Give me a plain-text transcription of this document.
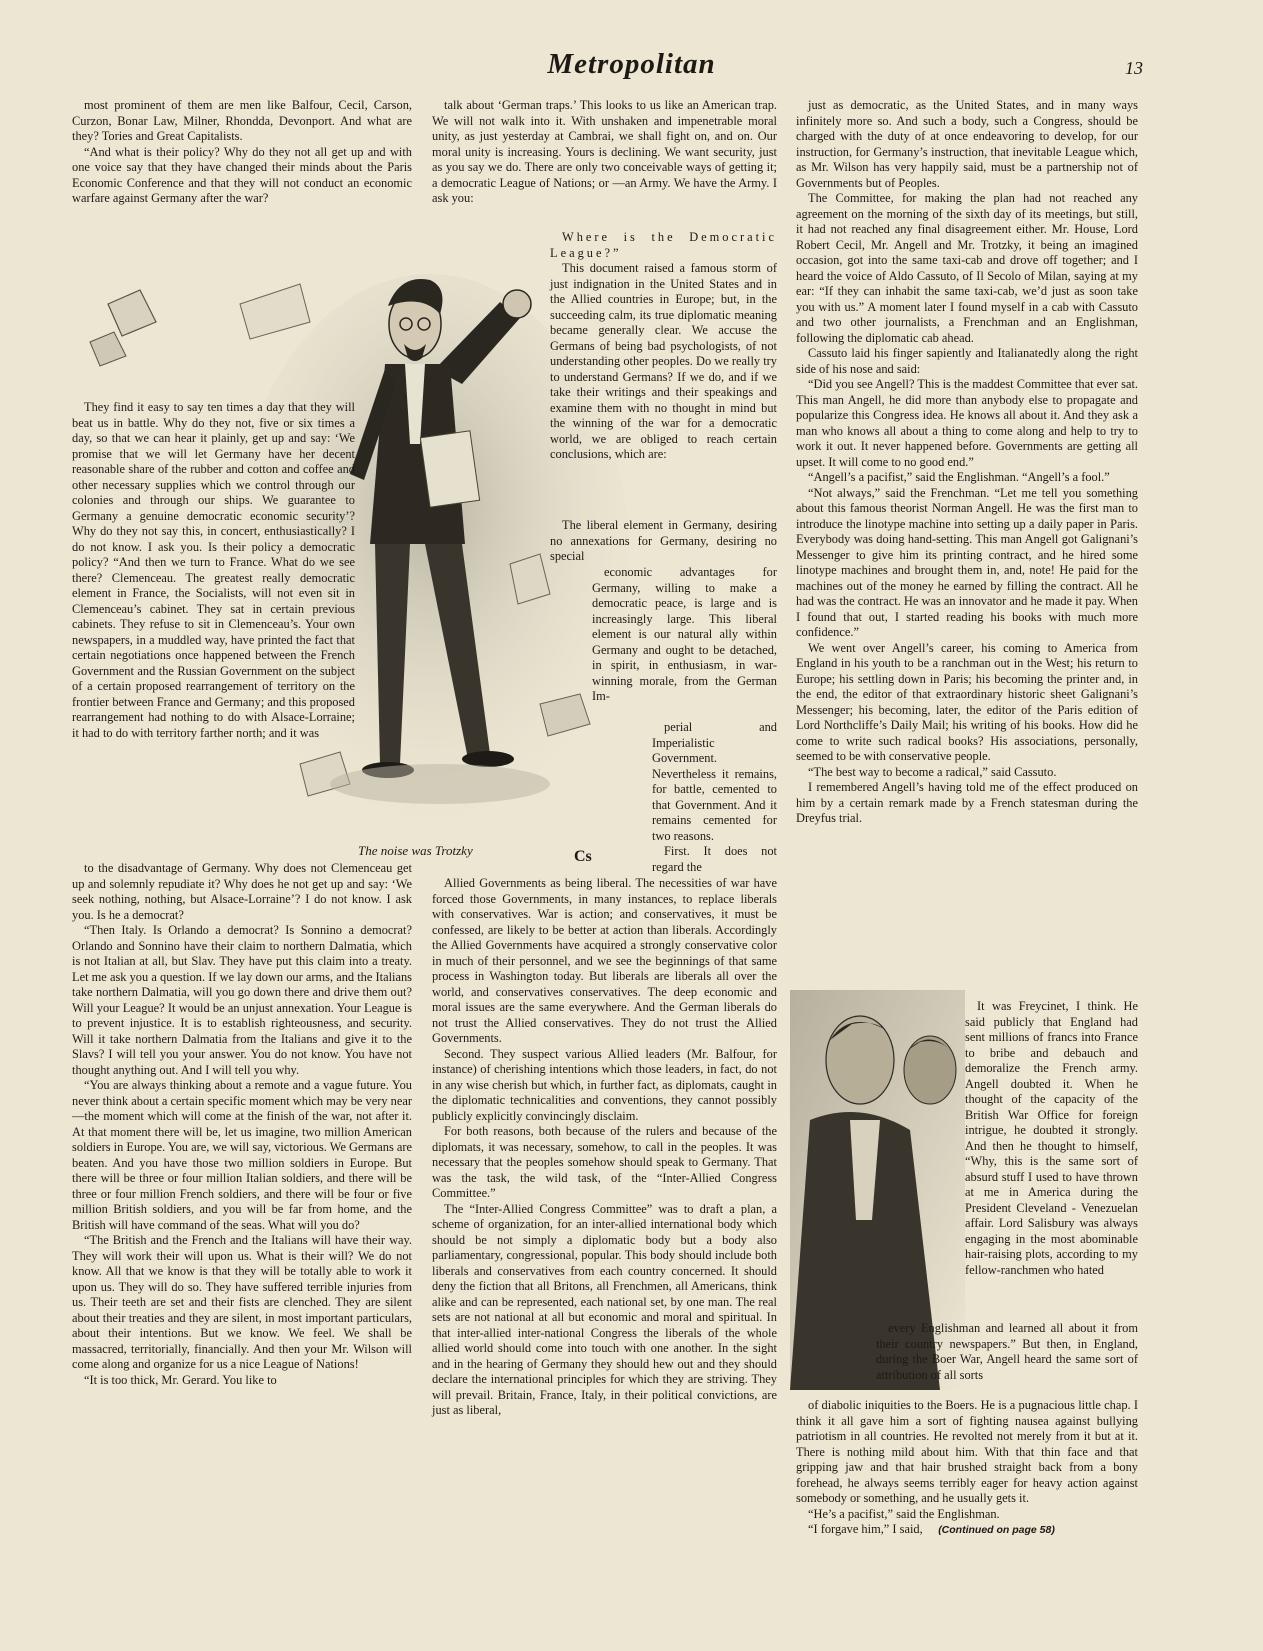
Metropolitan	13

most prominent of them are men like Balfour, Cecil, Carson, Curzon, Bonar Law, Milner, Rhondda, Devonport. And what are they? Tories and Great Capitalists.

“And what is their policy? Why do they not all get up and with one voice say that they have changed their minds about the Paris Economic Conference and that they will not conduct an economic warfare against Germany after the war?

They find it easy to say ten times a day that they will beat us in battle. Why do they not, five or six times a day, so that we can hear it plainly, get up and say: ‘We promise that we will let Germany have her decent reasonable share of the rubber and cotton and coffee and other necessary supplies which we control through our colonies and through our ships. We guarantee to Germany a genuine democratic economic security’? Why do they not say this, in concert, enthusiastically? I do not know. I ask you. Is their policy a democratic policy? “And then we turn to France. What do we see there? Clemenceau. The greatest really democratic element in France, the Socialists, will not even sit in Clemenceau’s cabinet. They sat in certain previous cabinets. They refuse to sit in Clemenceau’s. Your own newspapers, in a muddled way, have printed the fact that certain negotiations once happened between the French Government and the Russian Government on the subject of a certain proposed rearrangement of territory on the frontier between France and Germany; and this proposed rearrangement had nothing to do with Alsace-Lorraine; it had to do with territory farther north; and it was

The noise was Trotzky	Cs

to the disadvantage of Germany. Why does not Clemenceau get up and solemnly repudiate it? Why does he not get up and say: ‘We seek nothing, nothing, but Alsace-Lorraine’? I do not know. I ask you. Is he a democrat?

“Then Italy. Is Orlando a democrat? Is Sonnino a democrat? Orlando and Sonnino have their claim to northern Dalmatia, which is not Italian at all, but Slav. They have put this claim into a treaty. Let me ask you a question. If we lay down our arms, and the Italians take northern Dalmatia, will you go down there and drive them out? Will your League? It would be an unjust annexation. Your League is to prevent injustice. It is to establish righteousness, and security. Will it take northern Dalmatia from the Italians and give it to the Slavs? I will tell you your answer. You do not know. You have not thought anything out. And I will tell you why.

“You are always thinking about a remote and a vague future. You never think about a certain specific moment which may be very near—the moment which will come at the finish of the war, not after it. At that moment there will be, let us imagine, two million American soldiers in Europe. You are, we will say, victorious. We Germans are beaten. And you have those two million soldiers in Europe. But there will be three or four million Italian soldiers, and there will be three or four million French soldiers, and there will be four or five million British soldiers, and you will be far from home, and the British will have command of the seas. What will you do?

“The British and the French and the Italians will have their way. They will work their will upon us. What is their will? We do not know. All that we know is that they will be totally able to work it upon us. They will do so. They have suffered terrible injuries from us. Their teeth are set and their fists are clenched. They are silent about their treaties and they are silent, in most important particulars, about their intentions. But we know. We feel. We shall be massacred, territorially, financially. And then your Mr. Wilson will come along and organize for us a nice League of Nations!

“It is too thick, Mr. Gerard. You like to

talk about ‘German traps.’ This looks to us like an American trap. We will not walk into it. With unshaken and impenetrable moral unity, as just yesterday at Cambrai, we shall fight on, and on. Our moral unity is increasing. Yours is declining. We want security, just as you say we do. There are only two conceivable ways of getting it; a democratic League of Nations; or —an Army. We have the Army. I ask you:

Where is the Democratic League?”

This document raised a famous storm of just indignation in the United States and in the Allied countries in Europe; but, in the succeeding calm, its true diplomatic meaning became generally clear. We accuse the Germans of being bad psychologists, of not understanding other peoples. Do we really try to understand Germans? If we do, and if we take their writings and their speakings and examine them with no thought in mind but the winning of the war for a democratic world, we are obliged to reach certain conclusions, which are:

The liberal element in Germany, desiring no annexations for Germany, desiring no special

economic advantages for Germany, willing to make a democratic peace, is large and is increasingly large. This liberal element is our natural ally within Germany and ought to be detached, in spirit, in enthusiasm, in war-winning morale, from the German Im-

perial and Imperialistic Government. Nevertheless it remains, for battle, cemented to that Government. And it remains cemented for two reasons.

First. It does not regard the

Allied Governments as being liberal. The necessities of war have forced those Governments, in many instances, to replace liberals with conservatives. War is action; and conservatives, it must be confessed, are likely to be better at action than liberals. Accordingly the Allied Governments have acquired a strongly conservative color in much of their personnel, and we see the beginnings of that same process in Washington today. But liberals are liberals all over the world, and conservatives conservatives. The deep economic and moral issues are the same everywhere. And the German liberals do not trust the Allied conservatives. They do not trust the Allied Governments.

Second. They suspect various Allied leaders (Mr. Balfour, for instance) of cherishing intentions which those leaders, in fact, do not in any wise cherish but which, in further fact, as diplomats, caught in the diplomatic technicalities and conventions, they cannot possibly publicly explicitly convincingly disclaim.

For both reasons, both because of the rulers and because of the diplomats, it was necessary, somehow, to call in the peoples. It was necessary that the peoples somehow should speak to Germany. That was the task, the wild task, of the “Inter-Allied Congress Committee.”

The “Inter-Allied Congress Committee” was to draft a plan, a scheme of organization, for an inter-allied international body which should be not simply a diplomatic body but a body also parliamentary, congressional, popular. This body should include both liberals and conservatives from each country concerned. It should deny the fiction that all Britons, all Frenchmen, all Americans, think alike and can be represented, each national set, by one man. The real sets are not national at all but economic and moral and spiritual. In that inter-allied inter-national Congress the liberals of the whole allied world should come into touch with one another. In the sight and in the hearing of Germany they should hew out and they should declare the international principles for which they are striving. They will prevail. Britain, France, Italy, in their political convictions, are just as liberal,

just as democratic, as the United States, and in many ways infinitely more so. And such a body, such a Congress, should be charged with the duty of at once endeavoring to develop, for our instruction, for Germany’s instruction, that inevitable League which, as Mr. Wilson has very happily said, must be a partnership not of Governments but of Peoples.

The Committee, for making the plan had not reached any agreement on the morning of the sixth day of its meetings, but still, it had not reached any final disagreement either. Mr. House, Lord Robert Cecil, Mr. Angell and Mr. Trotzky, it being an imagined occasion, got into the same taxi-cab and drove off together; and I heard the voice of Aldo Cassuto, of Il Secolo of Milan, saying at my ear: “If they can inhabit the same taxi-cab, we’d just as soon take you with us.” A moment later I found myself in a cab with Cassuto and two other journalists, a Frenchman and an Englishman, following the diplomatic cab ahead.

Cassuto laid his finger sapiently and Italianatedly along the right side of his nose and said:

“Did you see Angell? This is the maddest Committee that ever sat. This man Angell, he did more than anybody else to propagate and popularize this Congress idea. He knows all about it. And they ask a man who knows all about a thing to come along and help to try to work it out. It never happened before. Governments are getting all upset. It will come to no good end.”

“Angell’s a pacifist,” said the Englishman. “Angell’s a fool.”

“Not always,” said the Frenchman. “Let me tell you something about this famous theorist Norman Angell. He was the first man to introduce the linotype machine into setting up a daily paper in Paris. Everybody was doing hand-setting. This man Angell got Galignani’s Messenger to give him its printing contract, and he hired some linotype machines and brought them in, and, note! He paid for the machines out of the money he earned by filling the contract. All he had was the contract. He was an innovator and he made it pay. When I found that out, I started reading his books with much more confidence.”

We went over Angell’s career, his coming to America from England in his youth to be a ranchman out in the West; his return to Europe; his settling down in Paris; his becoming the printer and, in the end, the editor of that extraordinary historic sheet Galignani’s Messenger; his becoming, later, the editor of the Paris edition of Lord Northcliffe’s Daily Mail; his writing of his books. How did he come to write such radical books? His associations, personally, seemed to be with conservative people.

“The best way to become a radical,” said Cassuto.

I remembered Angell’s having told me of the effect produced on him by a certain remark made by a French statesman during the Dreyfus trial.

It was Freycinet, I think. He said publicly that England had sent millions of francs into France to bribe and debauch and demoralize the French army. Angell doubted it. When he thought of the capacity of the British War Office for foreign intrigue, he doubted it strongly. And then he thought to himself, “Why, this is the same sort of absurd stuff I used to have thrown at me in America during the President Cleveland - Venezuelan affair. Lord Salisbury was always engaging in the most abominable hair-raising plots, according to my fellow-ranchmen who hated

every Englishman and learned all about it from their country newspapers.” But then, in England, during the Boer War, Angell heard the same sort of attribution of all sorts

of diabolic iniquities to the Boers. He is a pugnacious little chap. I think it all gave him a sort of fighting nausea against bullying patriotism in all countries. He revolted not merely from it but at it. There is nothing mild about him. With that thin face and that gripping jaw and that hair brushed straight back from a bony forehead, he always seems terribly eager for heavy action against somebody or something, and he usually gets it.

“He’s a pacifist,” said the Englishman.

“I forgave him,” I said, (Continued on page 58)
